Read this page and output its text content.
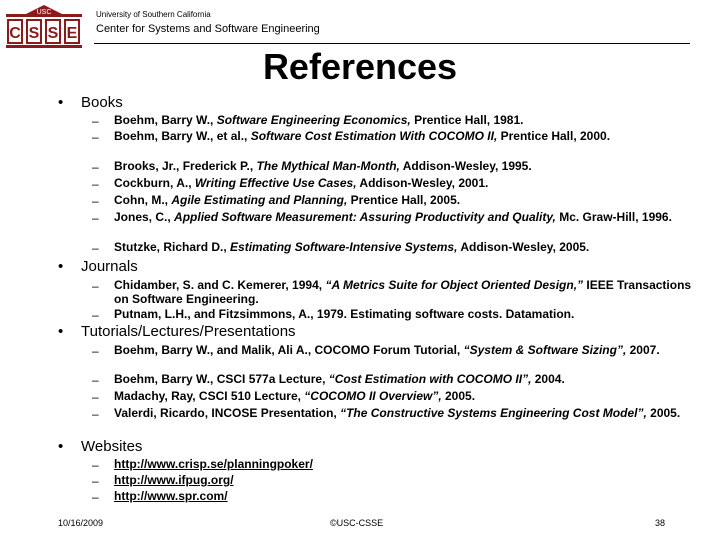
USC
C S S E
University of Southern California
Center for Systems and Software Engineering
References
• Books
– Boehm, Barry W., Software Engineering Economics, Prentice Hall, 1981.
– Boehm, Barry W., et al., Software Cost Estimation With COCOMO II, Prentice Hall, 2000.
– Brooks, Jr., Frederick P., The Mythical Man-Month, Addison-Wesley, 1995.
– Cockburn, A., Writing Effective Use Cases, Addison-Wesley, 2001.
– Cohn, M., Agile Estimating and Planning, Prentice Hall, 2005.
– Jones, C., Applied Software Measurement: Assuring Productivity and Quality, Mc. Graw-Hill, 1996.
– Stutzke, Richard D., Estimating Software-Intensive Systems, Addison-Wesley, 2005.
• Journals
– Chidamber, S. and C. Kemerer, 1994, “A Metrics Suite for Object Oriented Design,” IEEE Transactions on Software Engineering.
– Putnam, L.H., and Fitzsimmons, A., 1979. Estimating software costs. Datamation.
• Tutorials/Lectures/Presentations
– Boehm, Barry W., and Malik, Ali A., COCOMO Forum Tutorial, “System & Software Sizing”, 2007.
– Boehm, Barry W., CSCI 577a Lecture, “Cost Estimation with COCOMO II”, 2004.
– Madachy, Ray, CSCI 510 Lecture, “COCOMO II Overview”, 2005.
– Valerdi, Ricardo, INCOSE Presentation, “The Constructive Systems Engineering Cost Model”, 2005.
• Websites
– http://www.crisp.se/planningpoker/
– http://www.ifpug.org/
– http://www.spr.com/
10/16/2009	©USC-CSSE	38
